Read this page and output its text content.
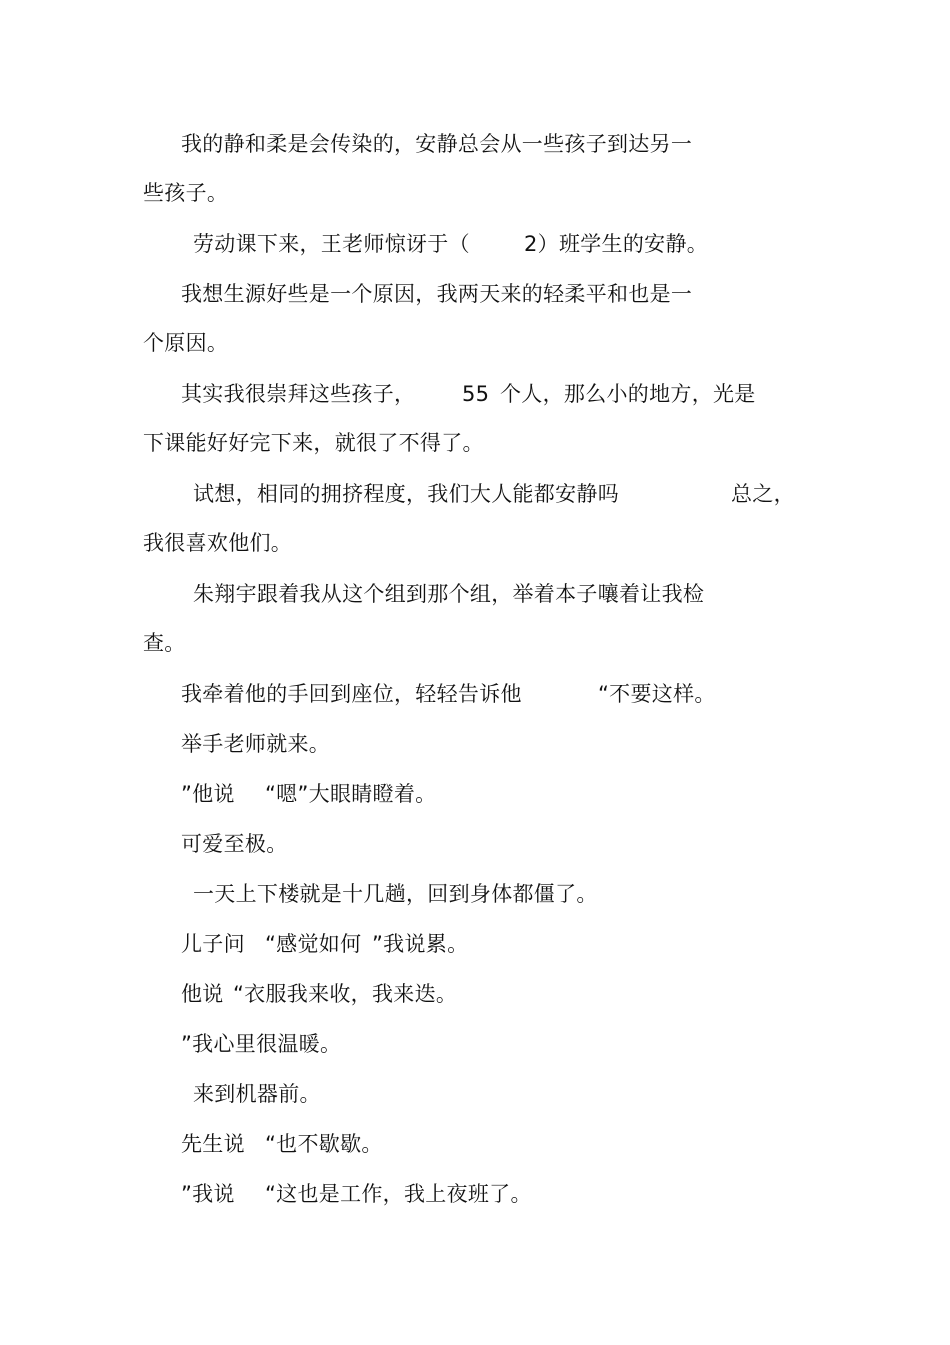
我的静和柔是会传染的，安静总会从一些孩子到达另一
些孩子。
劳动课下来，王老师惊讶于（	2）班学生的安静。
我想生源好些是一个原因，我两天来的轻柔平和也是一
个原因。
其实我很崇拜这些孩子， 55 个人，那么小的地方，光是
下课能好好完下来，就很了不得了。
试想，相同的拥挤程度，我们大人能都安静吗	总之，
我很喜欢他们。
朱翔宇跟着我从这个组到那个组，举着本子嚷着让我检
查。
我牵着他的手回到座位，轻轻告诉他	“不要这样。
举手老师就来。
”他说 “嗯”大眼睛瞪着。
可爱至极。
一天上下楼就是十几趟，回到身体都僵了。
儿子问 “感觉如何 ”我说累。
他说 “衣服我来收，我来迭。
”我心里很温暖。
来到机器前。
先生说 “也不歇歇。
”我说 “这也是工作，我上夜班了。
